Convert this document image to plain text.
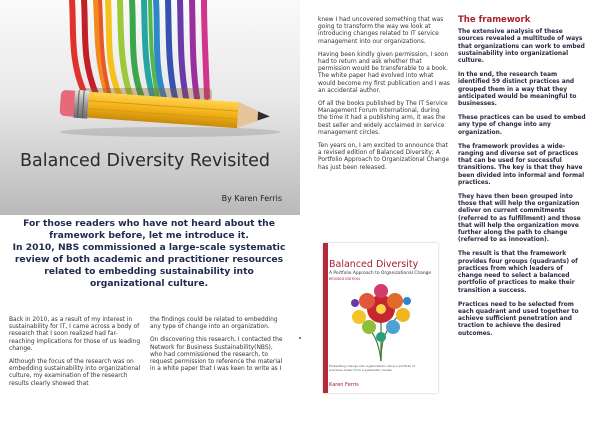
Balanced Diversity Revisited

By Karen Ferris

For those readers who have not heard about the
framework before, let me introduce it.
In 2010, NBS commissioned a large-scale systematic
review of both academic and practitioner resources
related to embedding sustainability into
organizational culture.

Back in 2010, as a result of my interest in sustainability for IT, I came across a body of research that I soon realized had far-reaching implications for those of us leading change.

Although the focus of the research was on embedding sustainability into organizational culture, my examination of the research results clearly showed that

the findings could be related to embedding any type of change into an organization.

On discovering this research, I contacted the Network for Business Sustainability(NBS), who had commissioned the research, to request permission to reference the material in a white paper that I was keen to write as I

knew I had uncovered something that was going to transform the way we look at introducing changes related to IT service management into our organizations.

Having been kindly given permission, I soon had to return and ask whether that permission would be transferable to a book. The white paper had evolved into what would become my first publication and I was an accidental author.

Of all the books published by The IT Service Management Forum International, during the time it had a publishing arm, it was the best seller and widely acclaimed in service management circles.

Ten years on, I am excited to announce that a revised edition of Balanced Diversity; A Portfolio Approach to Organizational Change has just been released.

Balanced Diversity

A Portfolio Approach to Organizational Change

REVISED EDITION

Embedding change into organizations using a portfolio of practices drawn from a systematic review

Karen Ferris

The framework

The extensive analysis of these sources revealed a multitude of ways that organizations can work to embed sustainability into organizational culture.

In the end, the research team identified 59 distinct practices and grouped them in a way that they anticipated would be meaningful to businesses.

These practices can be used to embed any type of change into any organization.

The framework provides a wide-ranging and diverse set of practices that can be used for successful transitions. The key is that they have been divided into informal and formal practices.

They have then been grouped into those that will help the organization deliver on current commitments (referred to as fulfillment) and those that will help the organization move further along the path to change (referred to as innovation).

The result is that the framework provides four groups (quadrants) of practices from which leaders of change need to select a balanced portfolio of practices to make their transition a success.

Practices need to be selected from each quadrant and used together to achieve sufficient penetration and traction to achieve the desired outcomes.
